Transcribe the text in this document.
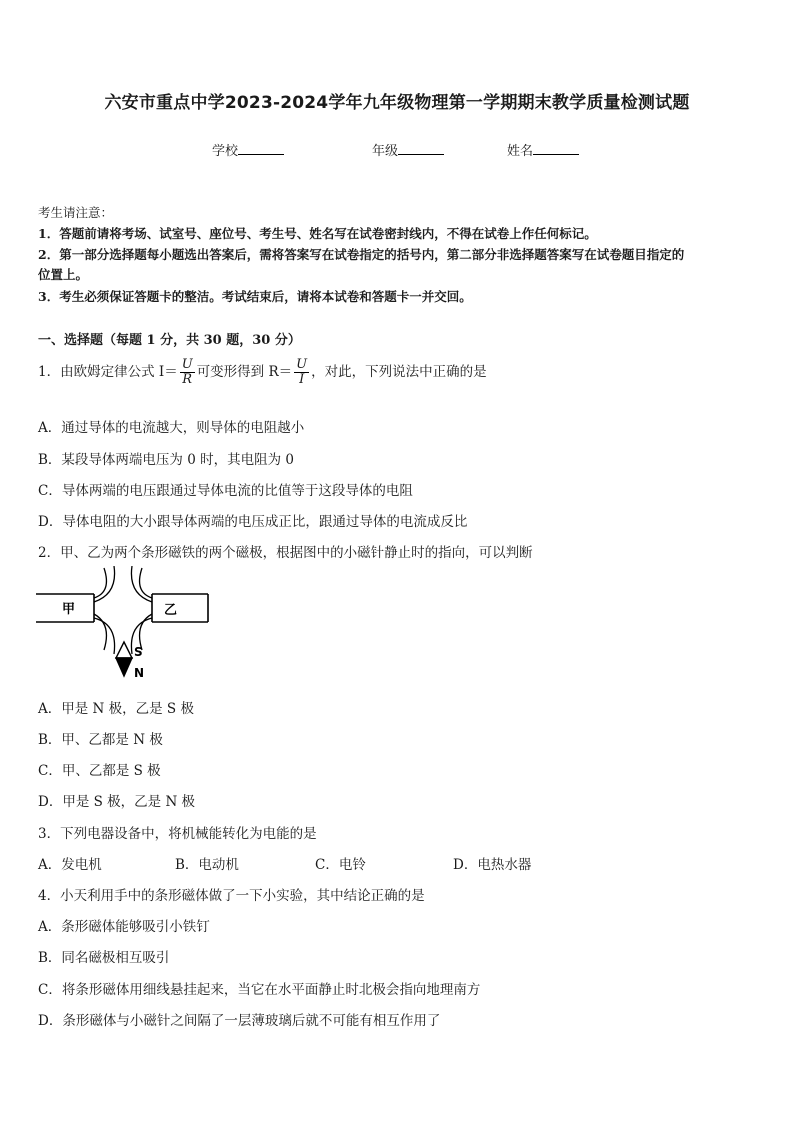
六安市重点中学2023-2024学年九年级物理第一学期期末教学质量检测试题
学校	年级	姓名
考生请注意：
1．答题前请将考场、试室号、座位号、考生号、姓名写在试卷密封线内，不得在试卷上作任何标记。
2．第一部分选择题每小题选出答案后，需将答案写在试卷指定的括号内，第二部分非选择题答案写在试卷题目指定的
位置上。
3．考生必须保证答题卡的整洁。考试结束后，请将本试卷和答题卡一并交回。
一、选择题（每题 1 分，共 30 题，30 分）
1．由欧姆定律公式 $I= \frac{U}{R}$ 可变形得到 $R= \frac{U}{I}$ ，对此，下列说法中正确的是
A．通过导体的电流越大，则导体的电阻越小
B．某段导体两端电压为 0 时，其电阻为 0
C．导体两端的电压跟通过导体电流的比值等于这段导体的电阻
D．导体电阻的大小跟导体两端的电压成正比，跟通过导体的电流成反比
2．甲、乙为两个条形磁铁的两个磁极，根据图中的小磁针静止时的指向，可以判断
甲	乙
S
N
A．甲是 N 极，乙是 S 极
B．甲、乙都是 N 极
C．甲、乙都是 S 极
D．甲是 S 极，乙是 N 极
3．下列电器设备中，将机械能转化为电能的是
A．发电机	B．电动机	C．电铃	D．电热水器
4．小天利用手中的条形磁体做了一下小实验，其中结论正确的是
A．条形磁体能够吸引小铁钉
B．同名磁极相互吸引
C．将条形磁体用细线悬挂起来，当它在水平面静止时北极会指向地理南方
D．条形磁体与小磁针之间隔了一层薄玻璃后就不可能有相互作用了
